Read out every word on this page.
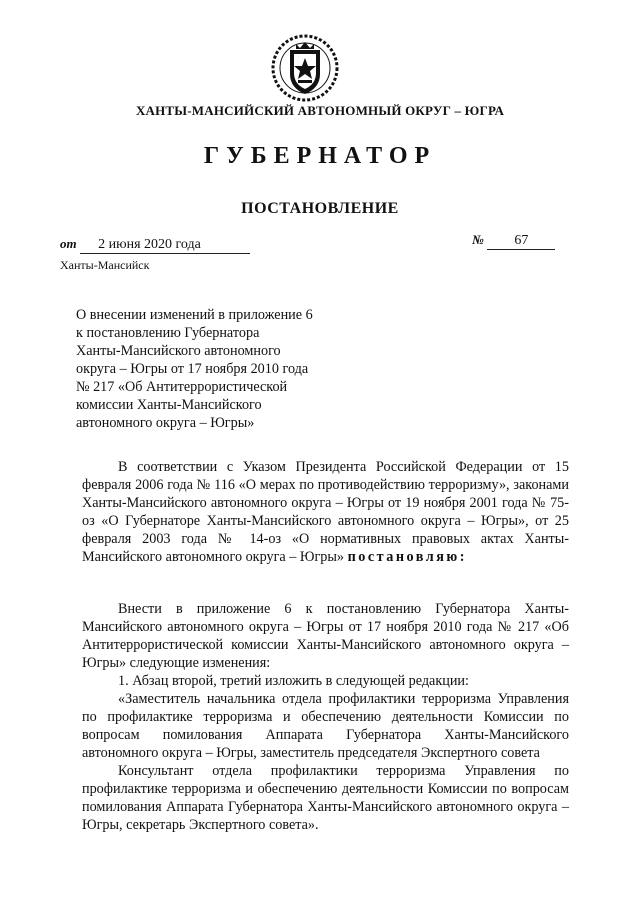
ХАНТЫ-МАНСИЙСКИЙ АВТОНОМНЫЙ ОКРУГ – ЮГРА
ГУБЕРНАТОР
ПОСТАНОВЛЕНИЕ
от 2 июня 2020 года	№ 67
Ханты-Мансийск
О внесении изменений в приложение 6
к постановлению Губернатора
Ханты-Мансийского автономного
округа – Югры от 17 ноября 2010 года
№ 217 «Об Антитеррористической
комиссии Ханты-Мансийского
автономного округа – Югры»
В соответствии с Указом Президента Российской Федерации от 15 февраля 2006 года № 116 «О мерах по противодействию терроризму», законами Ханты-Мансийского автономного округа – Югры от 19 ноября 2001 года № 75-оз «О Губернаторе Ханты-Мансийского автономного округа – Югры», от 25 февраля 2003 года № 14-оз «О нормативных правовых актах Ханты-Мансийского автономного округа – Югры» постановляю:
Внести в приложение 6 к постановлению Губернатора Ханты-Мансийского автономного округа – Югры от 17 ноября 2010 года № 217 «Об Антитеррористической комиссии Ханты-Мансийского автономного округа – Югры» следующие изменения:
1. Абзац второй, третий изложить в следующей редакции:
«Заместитель начальника отдела профилактики терроризма Управления по профилактике терроризма и обеспечению деятельности Комиссии по вопросам помилования Аппарата Губернатора Ханты-Мансийского автономного округа – Югры, заместитель председателя Экспертного совета
Консультант отдела профилактики терроризма Управления по профилактике терроризма и обеспечению деятельности Комиссии по вопросам помилования Аппарата Губернатора Ханты-Мансийского автономного округа – Югры, секретарь Экспертного совета».
